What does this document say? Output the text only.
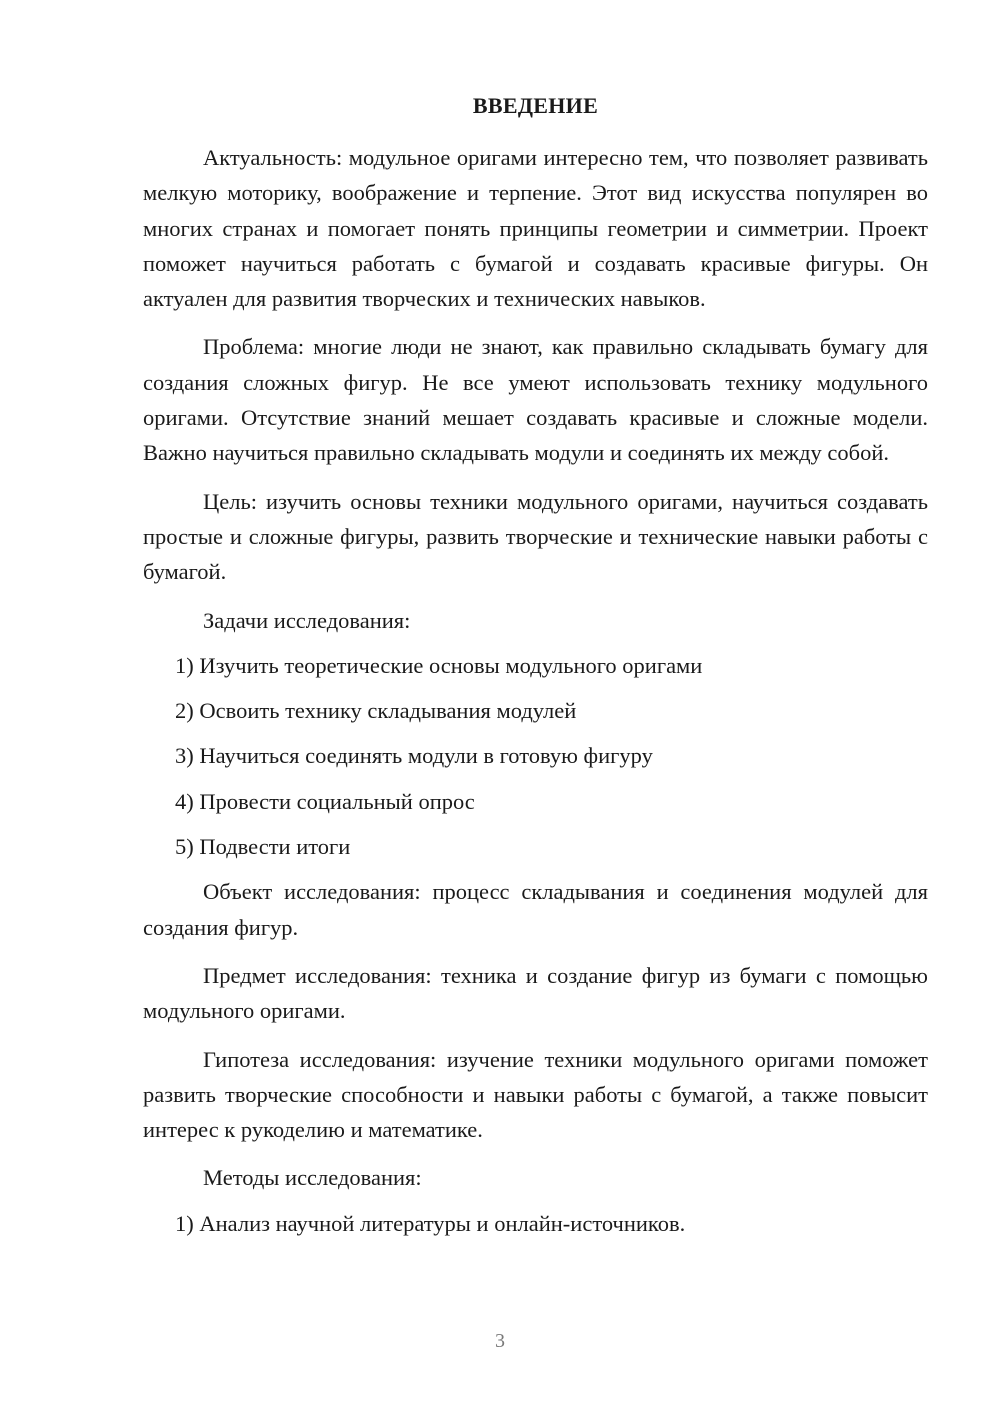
ВВЕДЕНИЕ

Актуальность: модульное оригами интересно тем, что позволяет развивать мелкую моторику, воображение и терпение. Этот вид искусства популярен во многих странах и помогает понять принципы геометрии и симметрии. Проект поможет научиться работать с бумагой и создавать красивые фигуры. Он актуален для развития творческих и технических навыков.

Проблема: многие люди не знают, как правильно складывать бумагу для создания сложных фигур. Не все умеют использовать технику модульного оригами. Отсутствие знаний мешает создавать красивые и сложные модели. Важно научиться правильно складывать модули и соединять их между собой.

Цель: изучить основы техники модульного оригами, научиться создавать простые и сложные фигуры, развить творческие и технические навыки работы с бумагой.

Задачи исследования:

1) Изучить теоретические основы модульного оригами
2) Освоить технику складывания модулей
3) Научиться соединять модули в готовую фигуру
4) Провести социальный опрос
5) Подвести итоги

Объект исследования: процесс складывания и соединения модулей для создания фигур.

Предмет исследования: техника и создание фигур из бумаги с помощью модульного оригами.

Гипотеза исследования: изучение техники модульного оригами поможет развить творческие способности и навыки работы с бумагой, а также повысит интерес к рукоделию и математике.

Методы исследования:

1) Анализ научной литературы и онлайн-источников.
3
